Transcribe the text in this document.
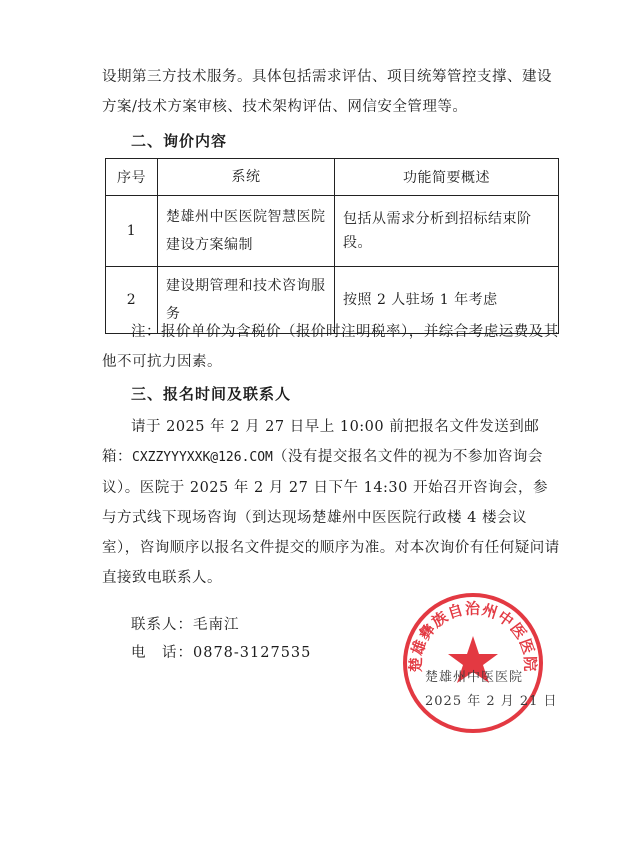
设期第三方技术服务。具体包括需求评估、项目统筹管控支撑、建设
方案/技术方案审核、技术架构评估、网信安全管理等。

二、询价内容

序号	系统	功能简要概述
1	楚雄州中医医院智慧医院建设方案编制	包括从需求分析到招标结束阶段。
2	建设期管理和技术咨询服务	按照 2 人驻场 1 年考虑

注：报价单价为含税价（报价时注明税率），并综合考虑运费及其他不可抗力因素。

三、报名时间及联系人

请于 2025 年 2 月 27 日早上 10:00 前把报名文件发送到邮箱：CXZZYYYXXK@126.COM（没有提交报名文件的视为不参加咨询会议）。医院于 2025 年 2 月 27 日下午 14:30 开始召开咨询会，参与方式线下现场咨询（到达现场楚雄州中医医院行政楼 4 楼会议室），咨询顺序以报名文件提交的顺序为准。对本次询价有任何疑问请直接致电联系人。

联系人：毛南江

电　话：0878-3127535

楚雄彝族自治州中医医院

楚雄州中医医院

2025 年 2 月 21 日
